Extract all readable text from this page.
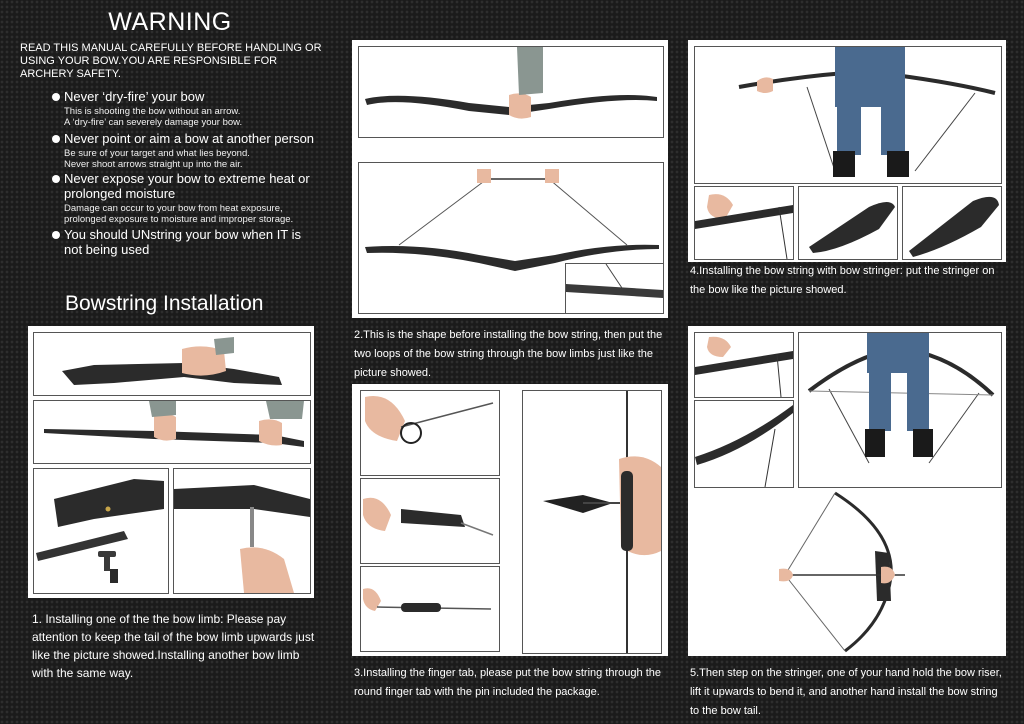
WARNING
READ THIS MANUAL CAREFULLY BEFORE HANDLING OR USING YOUR BOW.YOU ARE RESPONSIBLE FOR ARCHERY SAFETY.
Never ‘dry-fire’ your bow
This is shooting the bow without an arrow.
A ‘dry-fire’ can severely damage your bow.
Never point or aim a bow at another person
Be sure of your target and what lies beyond.
Never shoot arrows straight up into the air.
Never expose your bow to extreme heat or prolonged moisture
Damage can occur to your bow from heat exposure,
prolonged exposure to moisture and improper storage.
You should UNstring your bow when IT is not being used
Bowstring Installation
1. Installing one of the the bow limb: Please pay attention to keep the tail of the bow limb upwards just like the picture showed.Installing another bow limb with the same way.
2.This is the shape before installing the bow string, then put the two loops of the bow string through the bow limbs just like the picture showed.
3.Installing the finger tab, please put the bow string through the round finger tab with the pin included the package.
4.Installing the bow string with bow stringer: put the stringer on the bow like the picture showed.
5.Then step on the stringer, one of your hand hold the bow riser, lift it upwards to bend it, and another hand install the bow string to the bow tail.
